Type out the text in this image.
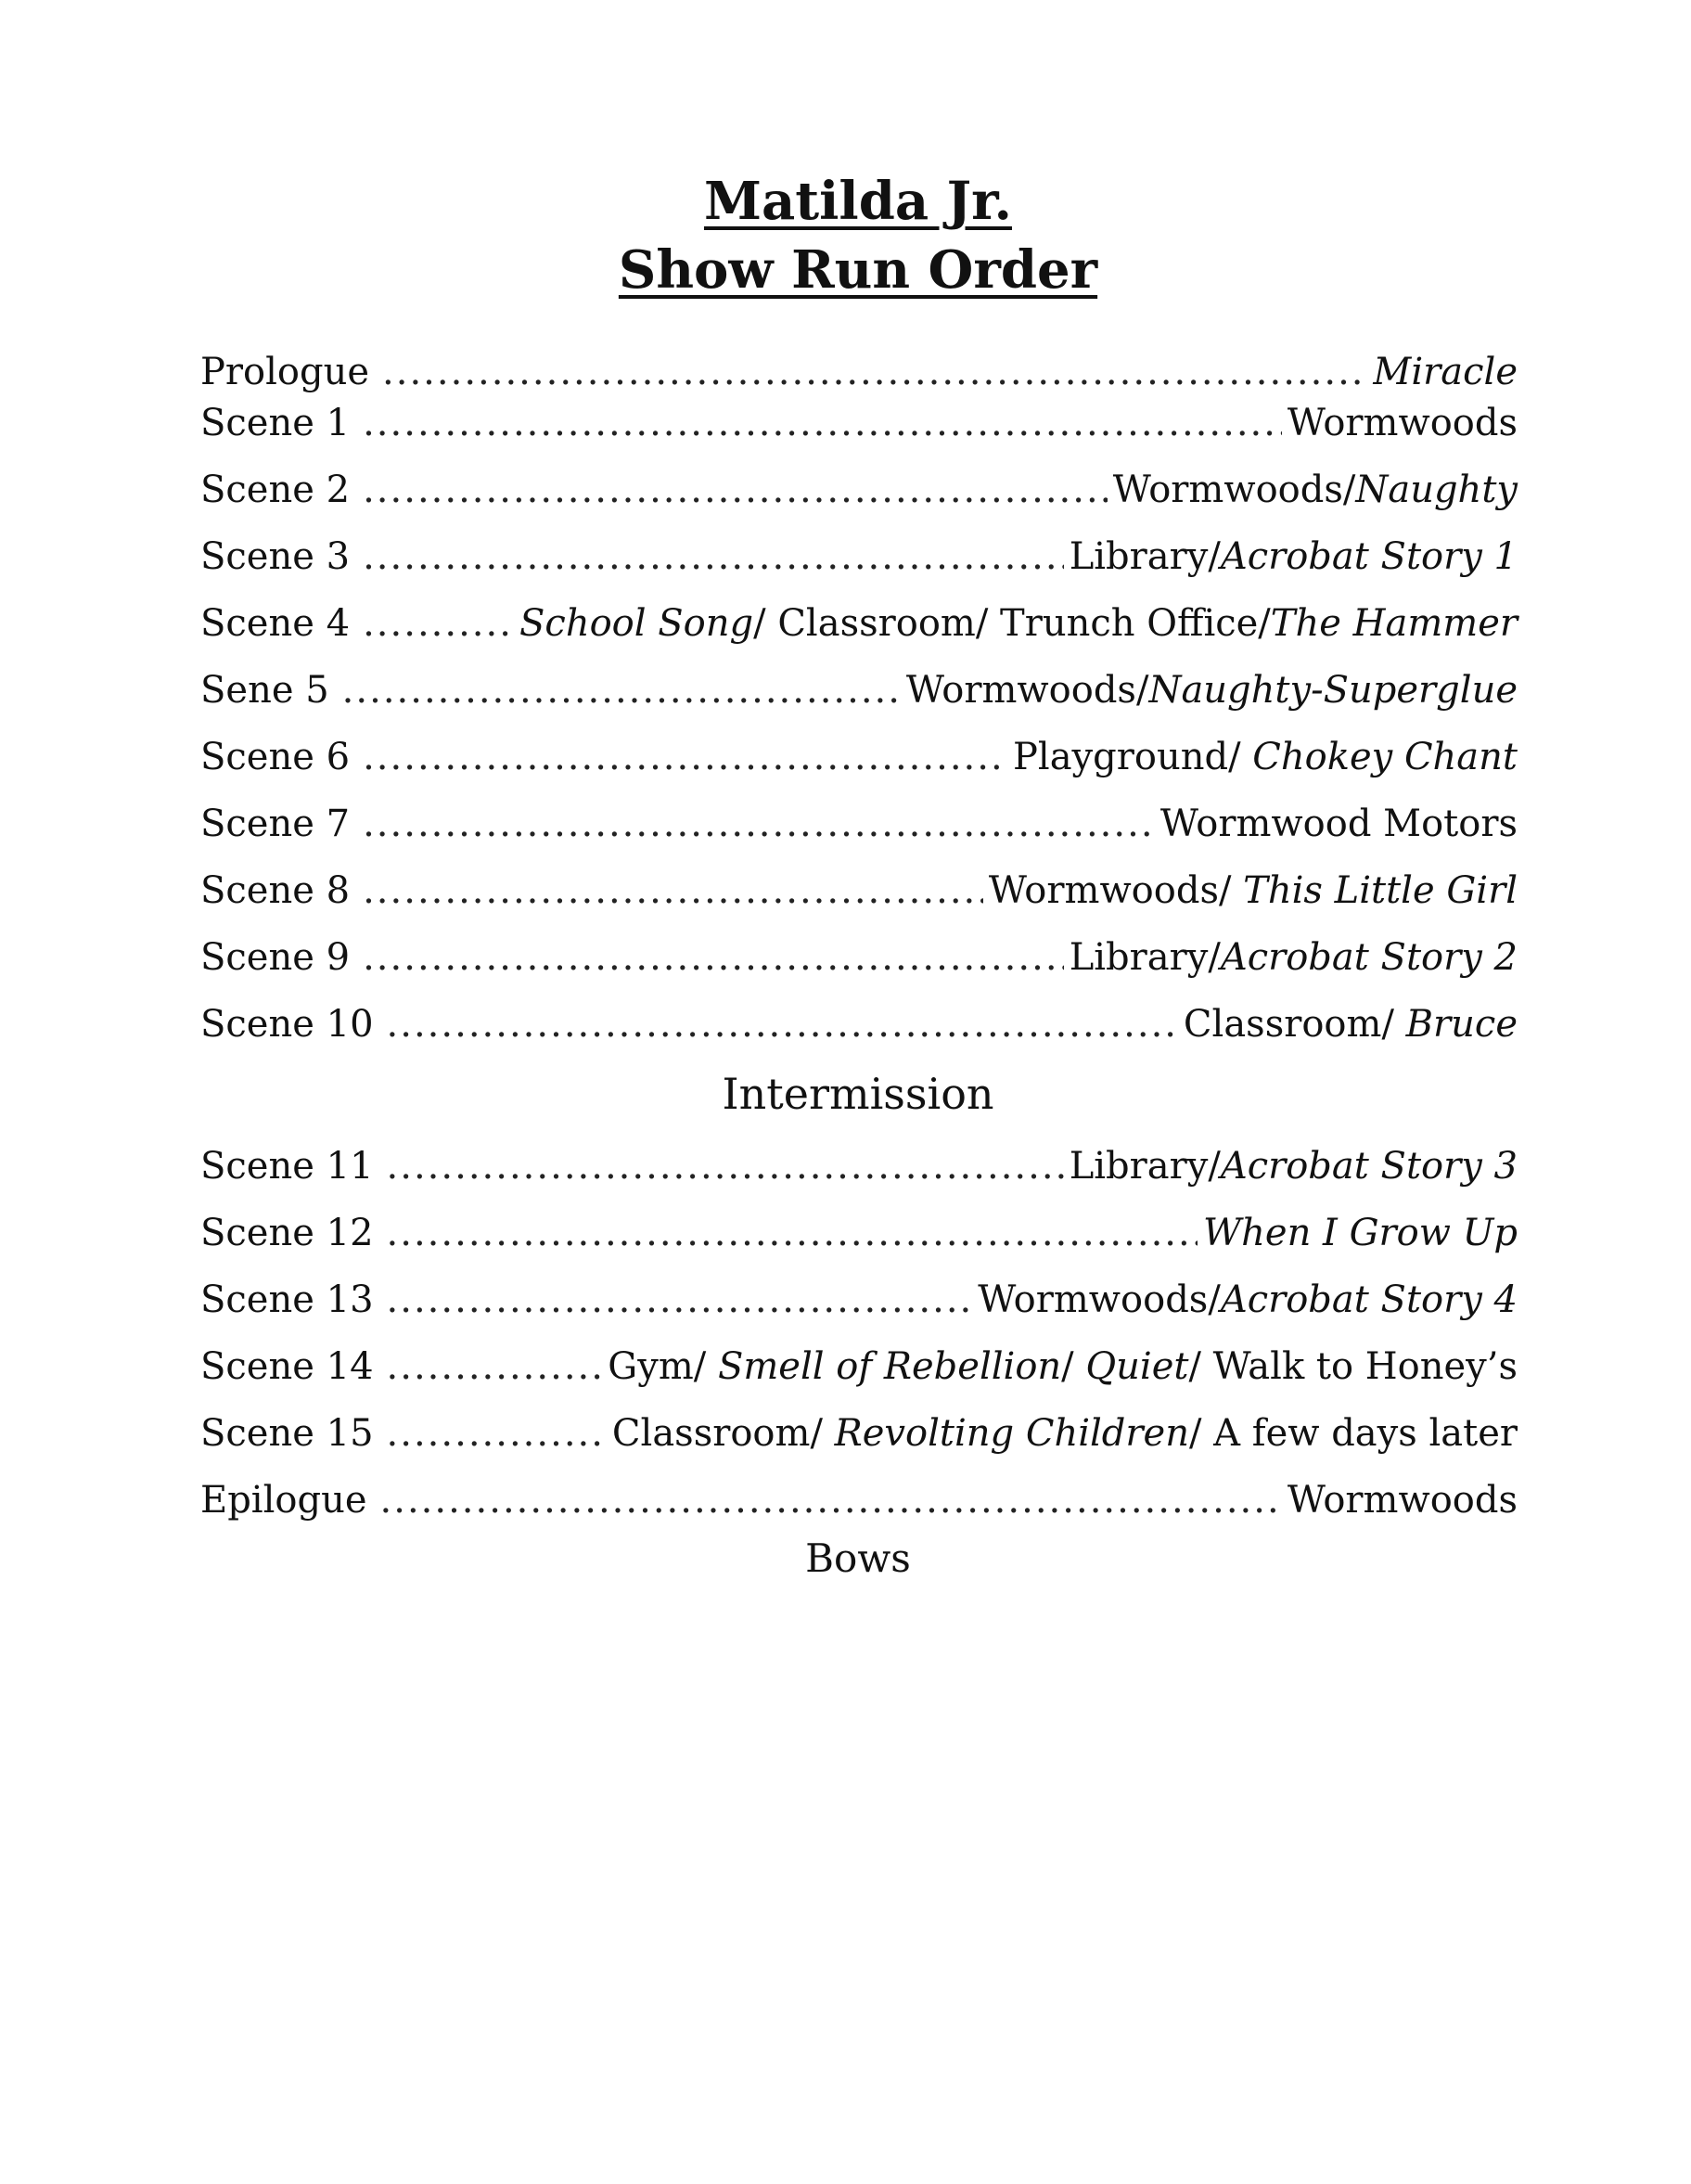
Matilda Jr.
Show Run Order
Prologue .....	Miracle
Scene 1 .....	Wormwoods
Scene 2 .....	Wormwoods/Naughty
Scene 3 .....	Library/Acrobat Story 1
Scene 4 .....	School Song/ Classroom/ Trunch Office/The Hammer
Sene 5 .....	Wormwoods/Naughty-Superglue
Scene 6 .....	Playground/ Chokey Chant
Scene 7 .....	Wormwood Motors
Scene 8 .....	Wormwoods/ This Little Girl
Scene 9 .....	Library/Acrobat Story 2
Scene 10 .....	Classroom/ Bruce
Intermission
Scene 11 .....	Library/Acrobat Story 3
Scene 12 .....	When I Grow Up
Scene 13 .....	Wormwoods/Acrobat Story 4
Scene 14 .....	Gym/ Smell of Rebellion/ Quiet/ Walk to Honey’s
Scene 15 .....	Classroom/ Revolting Children/ A few days later
Epilogue .....	Wormwoods
Bows
